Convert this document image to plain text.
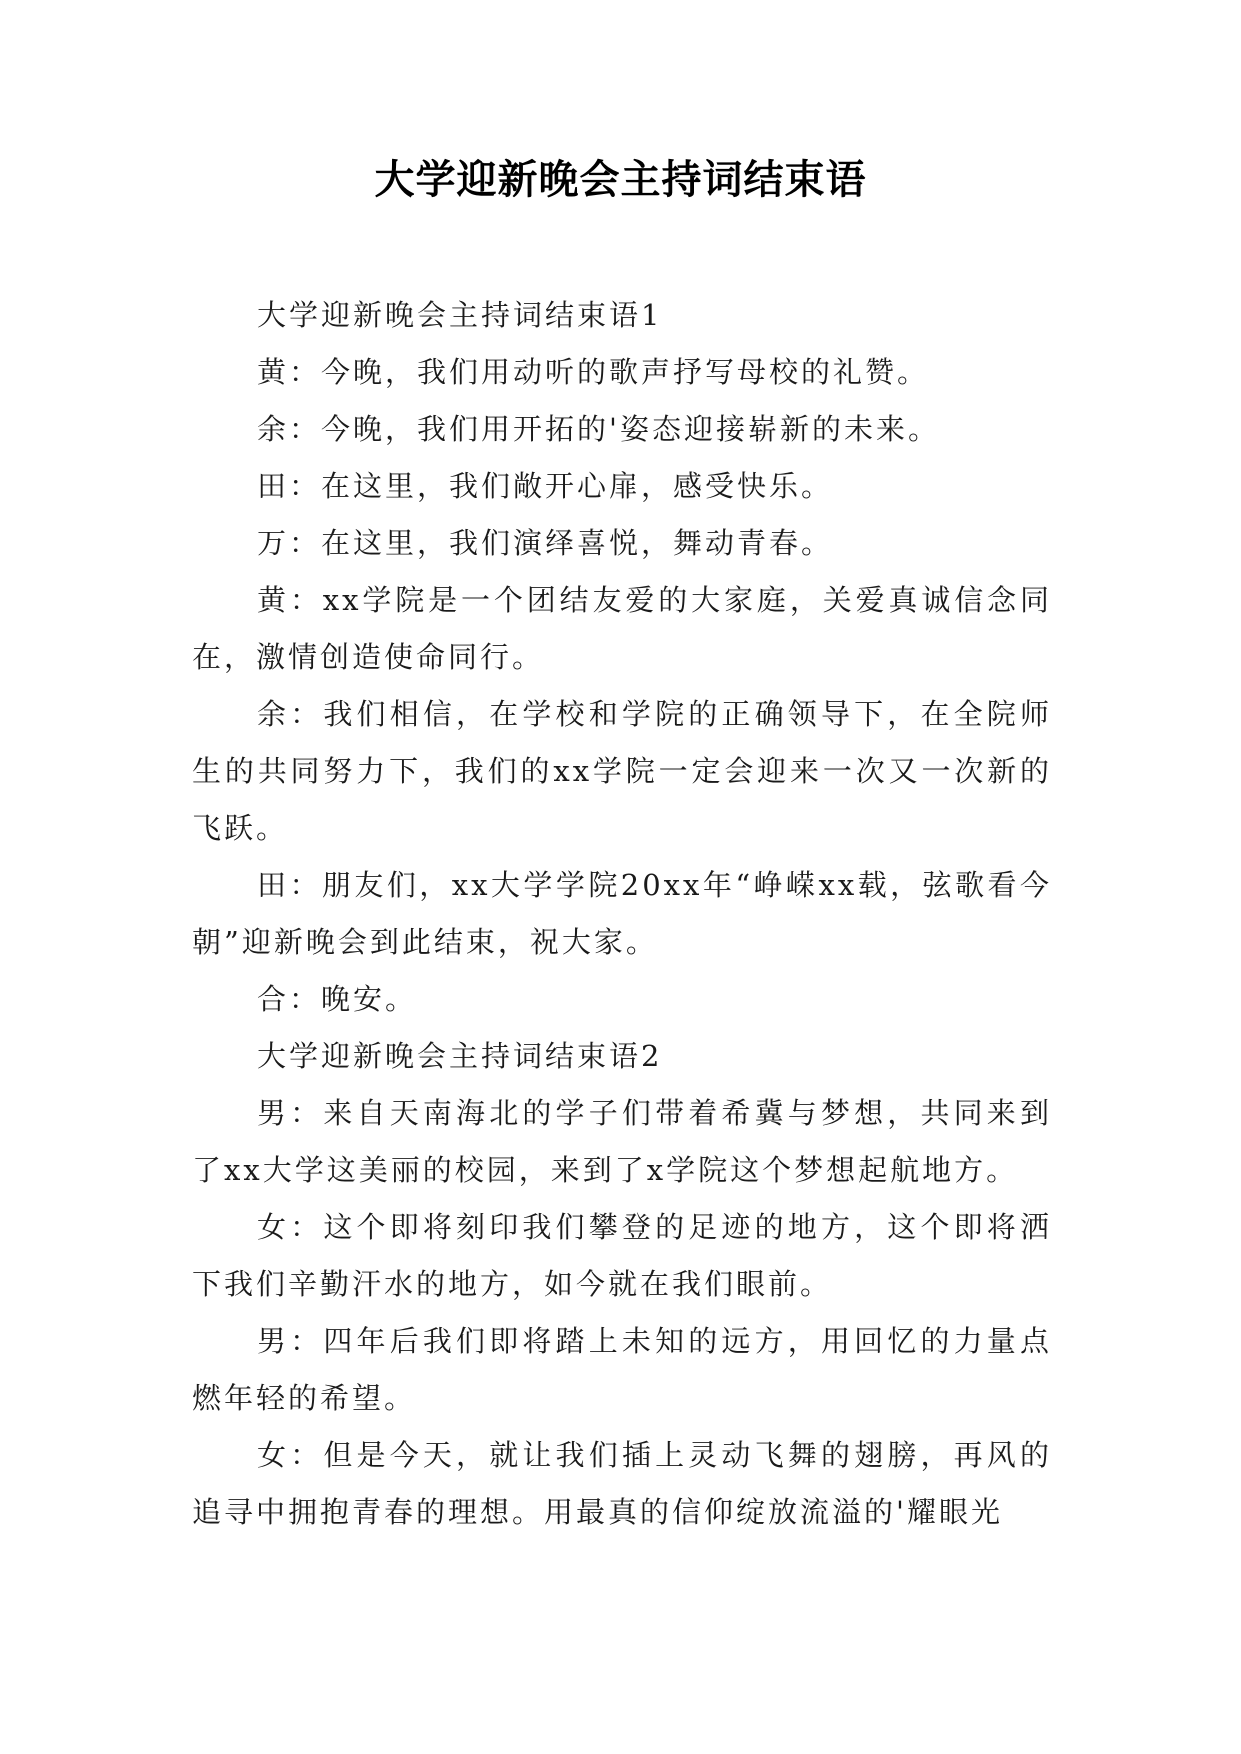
大学迎新晚会主持词结束语

大学迎新晚会主持词结束语1

黄：今晚，我们用动听的歌声抒写母校的礼赞。

余：今晚，我们用开拓的'姿态迎接崭新的未来。

田：在这里，我们敞开心扉，感受快乐。

万：在这里，我们演绎喜悦，舞动青春。

黄：xx学院是一个团结友爱的大家庭，关爱真诚信念同在，激情创造使命同行。

余：我们相信，在学校和学院的正确领导下，在全院师生的共同努力下，我们的xx学院一定会迎来一次又一次新的飞跃。

田：朋友们，xx大学学院20xx年“峥嵘xx载，弦歌看今朝”迎新晚会到此结束，祝大家。

合：晚安。

大学迎新晚会主持词结束语2

男：来自天南海北的学子们带着希冀与梦想，共同来到了xx大学这美丽的校园，来到了x学院这个梦想起航地方。

女：这个即将刻印我们攀登的足迹的地方，这个即将洒下我们辛勤汗水的地方，如今就在我们眼前。

男：四年后我们即将踏上未知的远方，用回忆的力量点燃年轻的希望。

女：但是今天，就让我们插上灵动飞舞的翅膀，再风的追寻中拥抱青春的理想。用最真的信仰绽放流溢的'耀眼光
